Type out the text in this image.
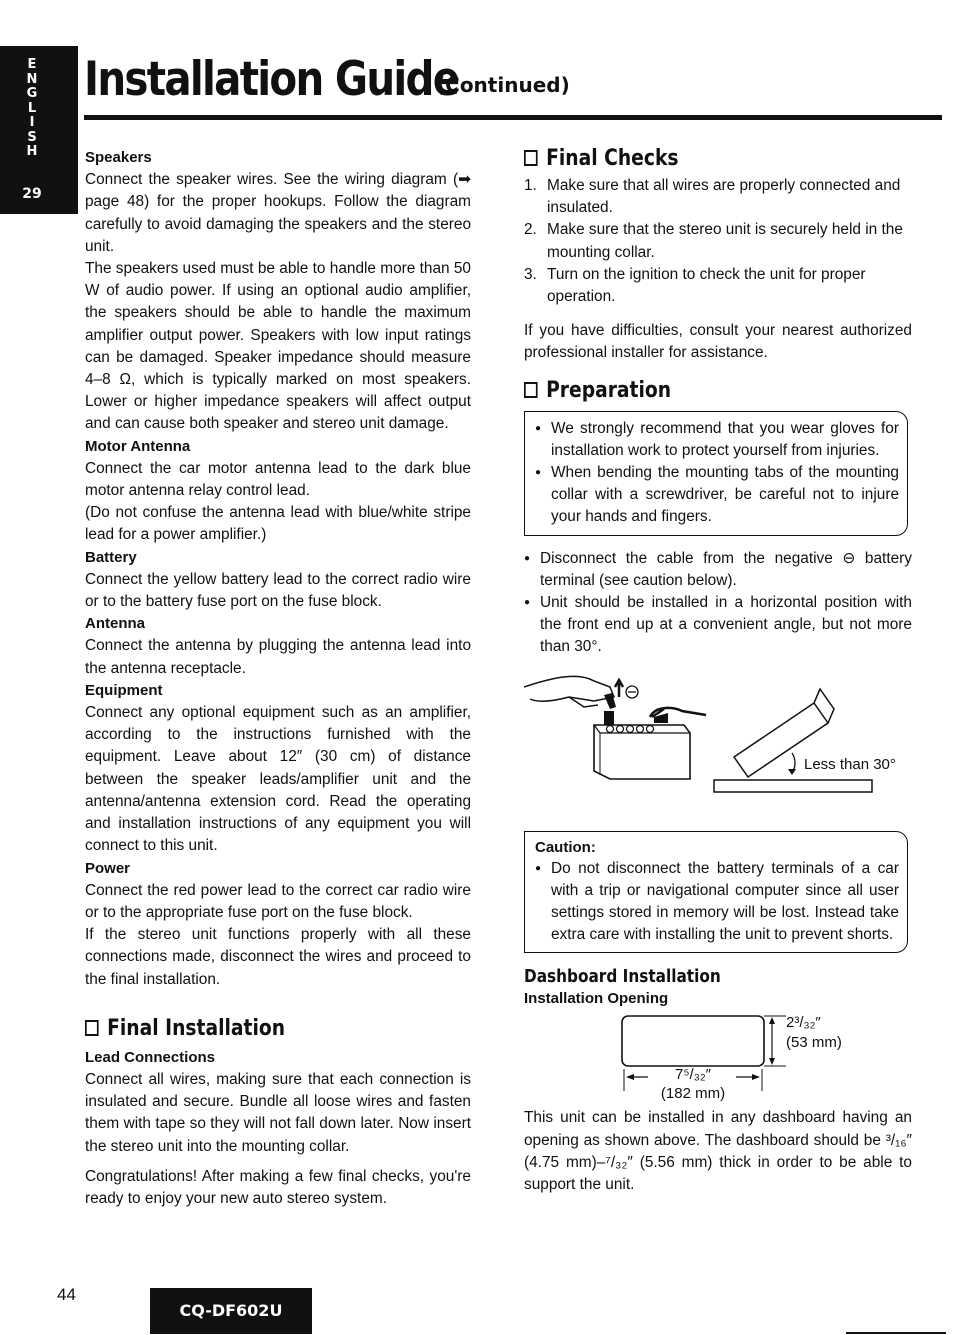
E
N
G
L
I
S
H
29
Installation Guide
(Continued)
Speakers

Connect the speaker wires. See the wiring diagram (➡ page 48) for the proper hookups. Follow the diagram carefully to avoid damaging the speakers and the stereo unit.

The speakers used must be able to handle more than 50 W of audio power. If using an optional audio amplifier, the speakers should be able to handle the maximum amplifier output power. Speakers with low input ratings can be damaged. Speaker impedance should measure 4–8 Ω, which is typically marked on most speakers. Lower or higher impedance speakers will affect output and can cause both speaker and stereo unit damage.

Motor Antenna

Connect the car motor antenna lead to the dark blue motor antenna relay control lead.

(Do not confuse the antenna lead with blue/white stripe lead for a power amplifier.)

Battery

Connect the yellow battery lead to the correct radio wire or to the battery fuse port on the fuse block.

Antenna

Connect the antenna by plugging the antenna lead into the antenna receptacle.

Equipment

Connect any optional equipment such as an amplifier, according to the instructions furnished with the equipment. Leave about 12″ (30 cm) of distance between the speaker leads/amplifier unit and the antenna/antenna extension cord. Read the operating and installation instructions of any equipment you will connect to this unit.

Power

Connect the red power lead to the correct car radio wire or to the appropriate fuse port on the fuse block.

If the stereo unit functions properly with all these connections made, disconnect the wires and proceed to the final installation.

Final Installation
Lead Connections

Connect all wires, making sure that each connection is insulated and secure. Bundle all loose wires and fasten them with tape so they will not fall down later. Now insert the stereo unit into the mounting collar.

Congratulations! After making a few final checks, you're ready to enjoy your new auto stereo system.

Final Checks
1. Make sure that all wires are properly connected and insulated.
2. Make sure that the stereo unit is securely held in the mounting collar.
3. Turn on the ignition to check the unit for proper operation.

If you have difficulties, consult your nearest authorized professional installer for assistance.

Preparation
● We strongly recommend that you wear gloves for installation work to protect yourself from injuries.
● When bending the mounting tabs of the mounting collar with a screwdriver, be careful not to injure your hands and fingers.
● Disconnect the cable from the negative ⊖ battery terminal (see caution below).
● Unit should be installed in a horizontal position with the front end up at a convenient angle, but not more than 30°.
Less than 30°
Caution:
● Do not disconnect the battery terminals of a car with a trip or navigational computer since all user settings stored in memory will be lost. Instead take extra care with installing the unit to prevent shorts.
Dashboard Installation
Installation Opening
2³/₃₂″
(53 mm)
7⁵/₃₂″
(182 mm)

This unit can be installed in any dashboard having an opening as shown above. The dashboard should be ³/₁₆″ (4.75 mm)–⁷/₃₂″ (5.56 mm) thick in order to be able to support the unit.

44
CQ-DF602U
